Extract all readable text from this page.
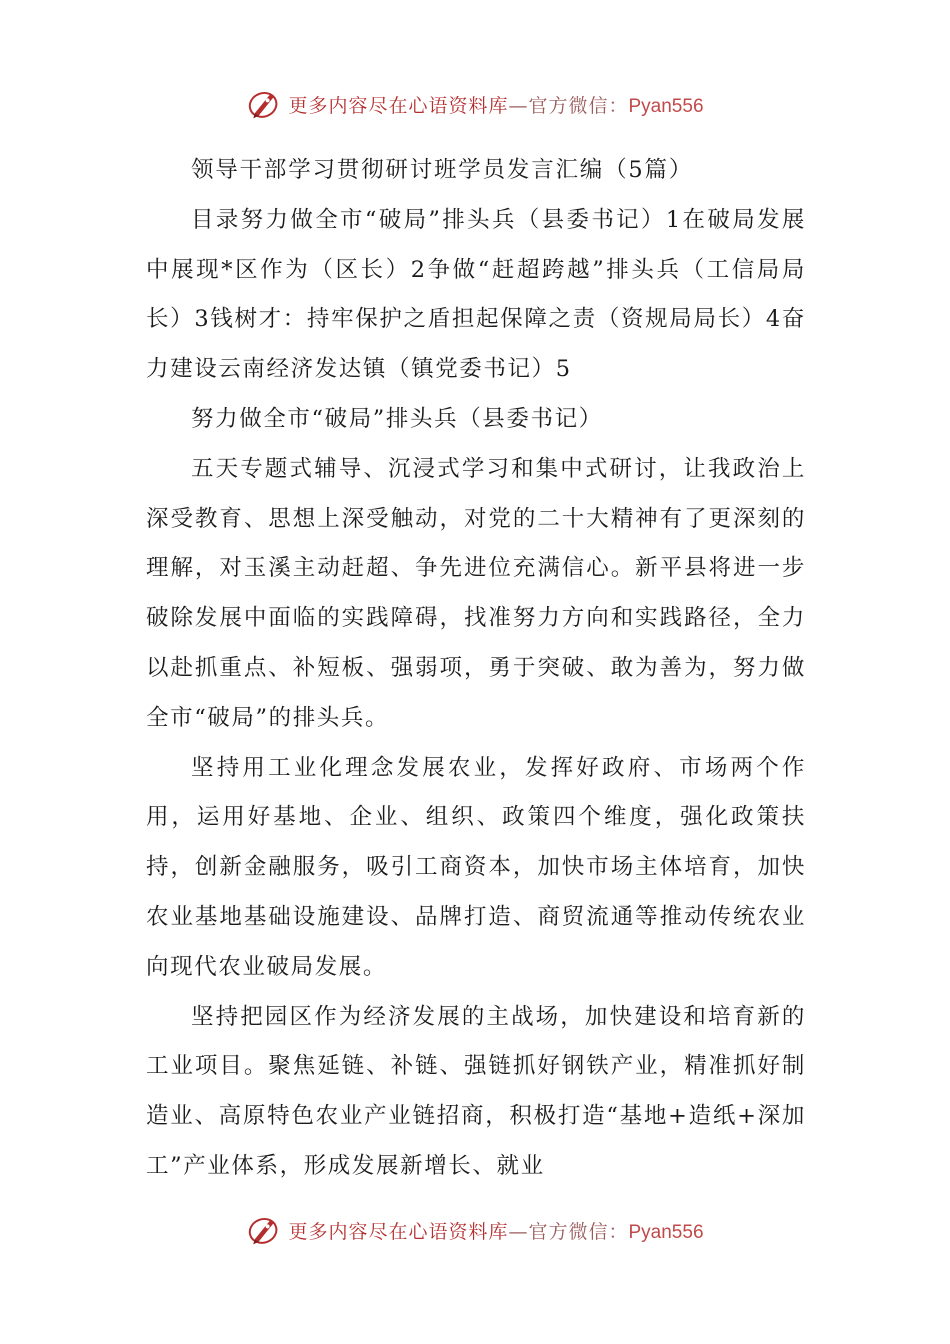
更多内容尽在心语资料库—官方微信：Pyan556

领导干部学习贯彻研讨班学员发言汇编（5篇）

目录努力做全市“破局”排头兵（县委书记）1在破局发展中展现*区作为（区长）2争做“赶超跨越”排头兵（工信局局长）3钱树才：持牢保护之盾担起保障之责（资规局局长）4奋力建设云南经济发达镇（镇党委书记）5

努力做全市“破局”排头兵（县委书记）

五天专题式辅导、沉浸式学习和集中式研讨，让我政治上深受教育、思想上深受触动，对党的二十大精神有了更深刻的理解，对玉溪主动赶超、争先进位充满信心。新平县将进一步破除发展中面临的实践障碍，找准努力方向和实践路径，全力以赴抓重点、补短板、强弱项，勇于突破、敢为善为，努力做全市“破局”的排头兵。

坚持用工业化理念发展农业，发挥好政府、市场两个作用，运用好基地、企业、组织、政策四个维度，强化政策扶持，创新金融服务，吸引工商资本，加快市场主体培育，加快农业基地基础设施建设、品牌打造、商贸流通等推动传统农业向现代农业破局发展。

坚持把园区作为经济发展的主战场，加快建设和培育新的工业项目。聚焦延链、补链、强链抓好钢铁产业，精准抓好制造业、高原特色农业产业链招商，积极打造“基地+造纸+深加工”产业体系，形成发展新增长、就业

更多内容尽在心语资料库—官方微信：Pyan556
